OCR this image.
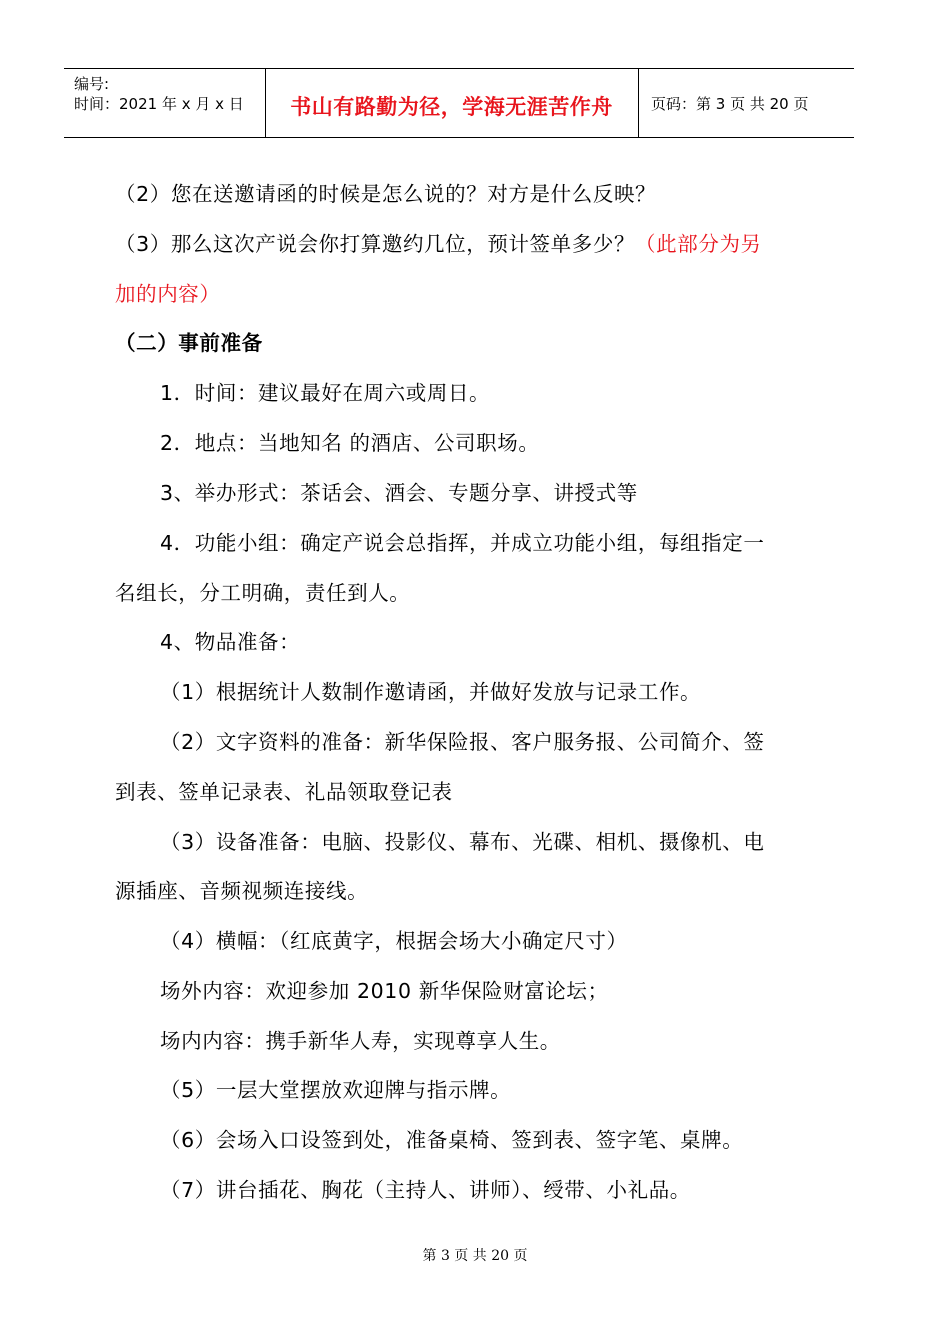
编号:
时间：2021 年 x 月 x 日	书山有路勤为径，学海无涯苦作舟	页码：第 3 页 共 20 页
（2）您在送邀请函的时候是怎么说的？对方是什么反映？
（3）那么这次产说会你打算邀约几位，预计签单多少？（此部分为另
加的内容）
（二）事前准备
1．时间：建议最好在周六或周日。
2．地点：当地知名 的酒店、公司职场。
3、举办形式：茶话会、酒会、专题分享、讲授式等
4．功能小组：确定产说会总指挥，并成立功能小组，每组指定一
名组长，分工明确，责任到人。
4、物品准备：
（1）根据统计人数制作邀请函，并做好发放与记录工作。
（2）文字资料的准备：新华保险报、客户服务报、公司简介、签
到表、签单记录表、礼品领取登记表
（3）设备准备：电脑、投影仪、幕布、光碟、相机、摄像机、电
源插座、音频视频连接线。
（4）横幅：（红底黄字，根据会场大小确定尺寸）
场外内容：欢迎参加 2010 新华保险财富论坛；
场内内容：携手新华人寿，实现尊享人生。
（5）一层大堂摆放欢迎牌与指示牌。
（6）会场入口设签到处，准备桌椅、签到表、签字笔、桌牌。
（7）讲台插花、胸花（主持人、讲师）、绶带、小礼品。
第 3 页 共 20 页
